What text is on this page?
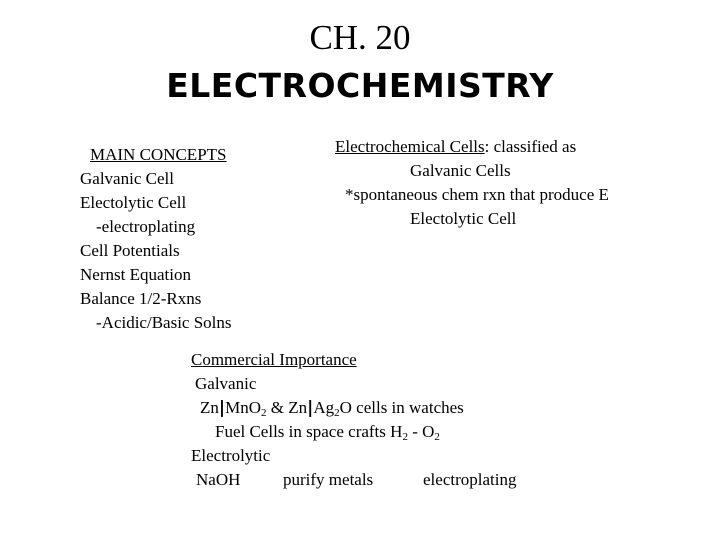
CH. 20
ELECTROCHEMISTRY
MAIN CONCEPTS
Galvanic Cell
Electolytic Cell
-electroplating
Cell Potentials
Nernst Equation
Balance 1/2-Rxns
-Acidic/Basic Solns
Electrochemical Cells: classified as
Galvanic Cells
*spontaneous chem rxn that produce E
Electolytic Cell
Commercial Importance
Galvanic
Zn|MnO$_2$ & $Zn|Ag_2O$ cells in watches
Fuel Cells in space crafts $H_2 - O_2$
Electrolytic
NaOH	purify metals	electroplating
